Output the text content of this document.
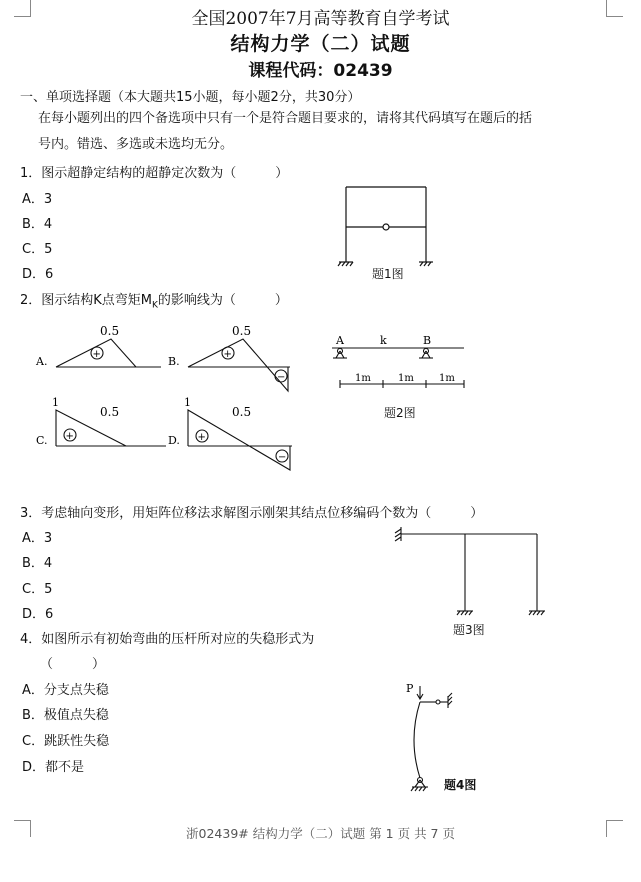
全国2007年7月高等教育自学考试
结构力学（二）试题
课程代码：02439
一、单项选择题（本大题共15小题，每小题2分，共30分）
在每小题列出的四个备选项中只有一个是符合题目要求的，请将其代码填写在题后的括
号内。错选、多选或未选均无分。
1．图示超静定结构的超静定次数为（　　　）
A．3
B．4
C．5
D．6	题1图
2．图示结构K点弯矩$M_K$的影响线为（　　　）
A.
+
0.5
B.
+
−
0.5
C. +
1
0.5
D. +
−
1
0.5
A	k	B
1m	1m	1m
题2图
3．考虑轴向变形，用矩阵位移法求解图示刚架其结点位移编码个数为（　　　）
A．3
B．4
C．5
D．6
题3图
4．如图所示有初始弯曲的压杆所对应的失稳形式为
（　　　）
A．分支点失稳
B．极值点失稳
C．跳跃性失稳
D．都不是
P
题4图
浙02439# 结构力学（二）试题 第 1 页 共 7 页
